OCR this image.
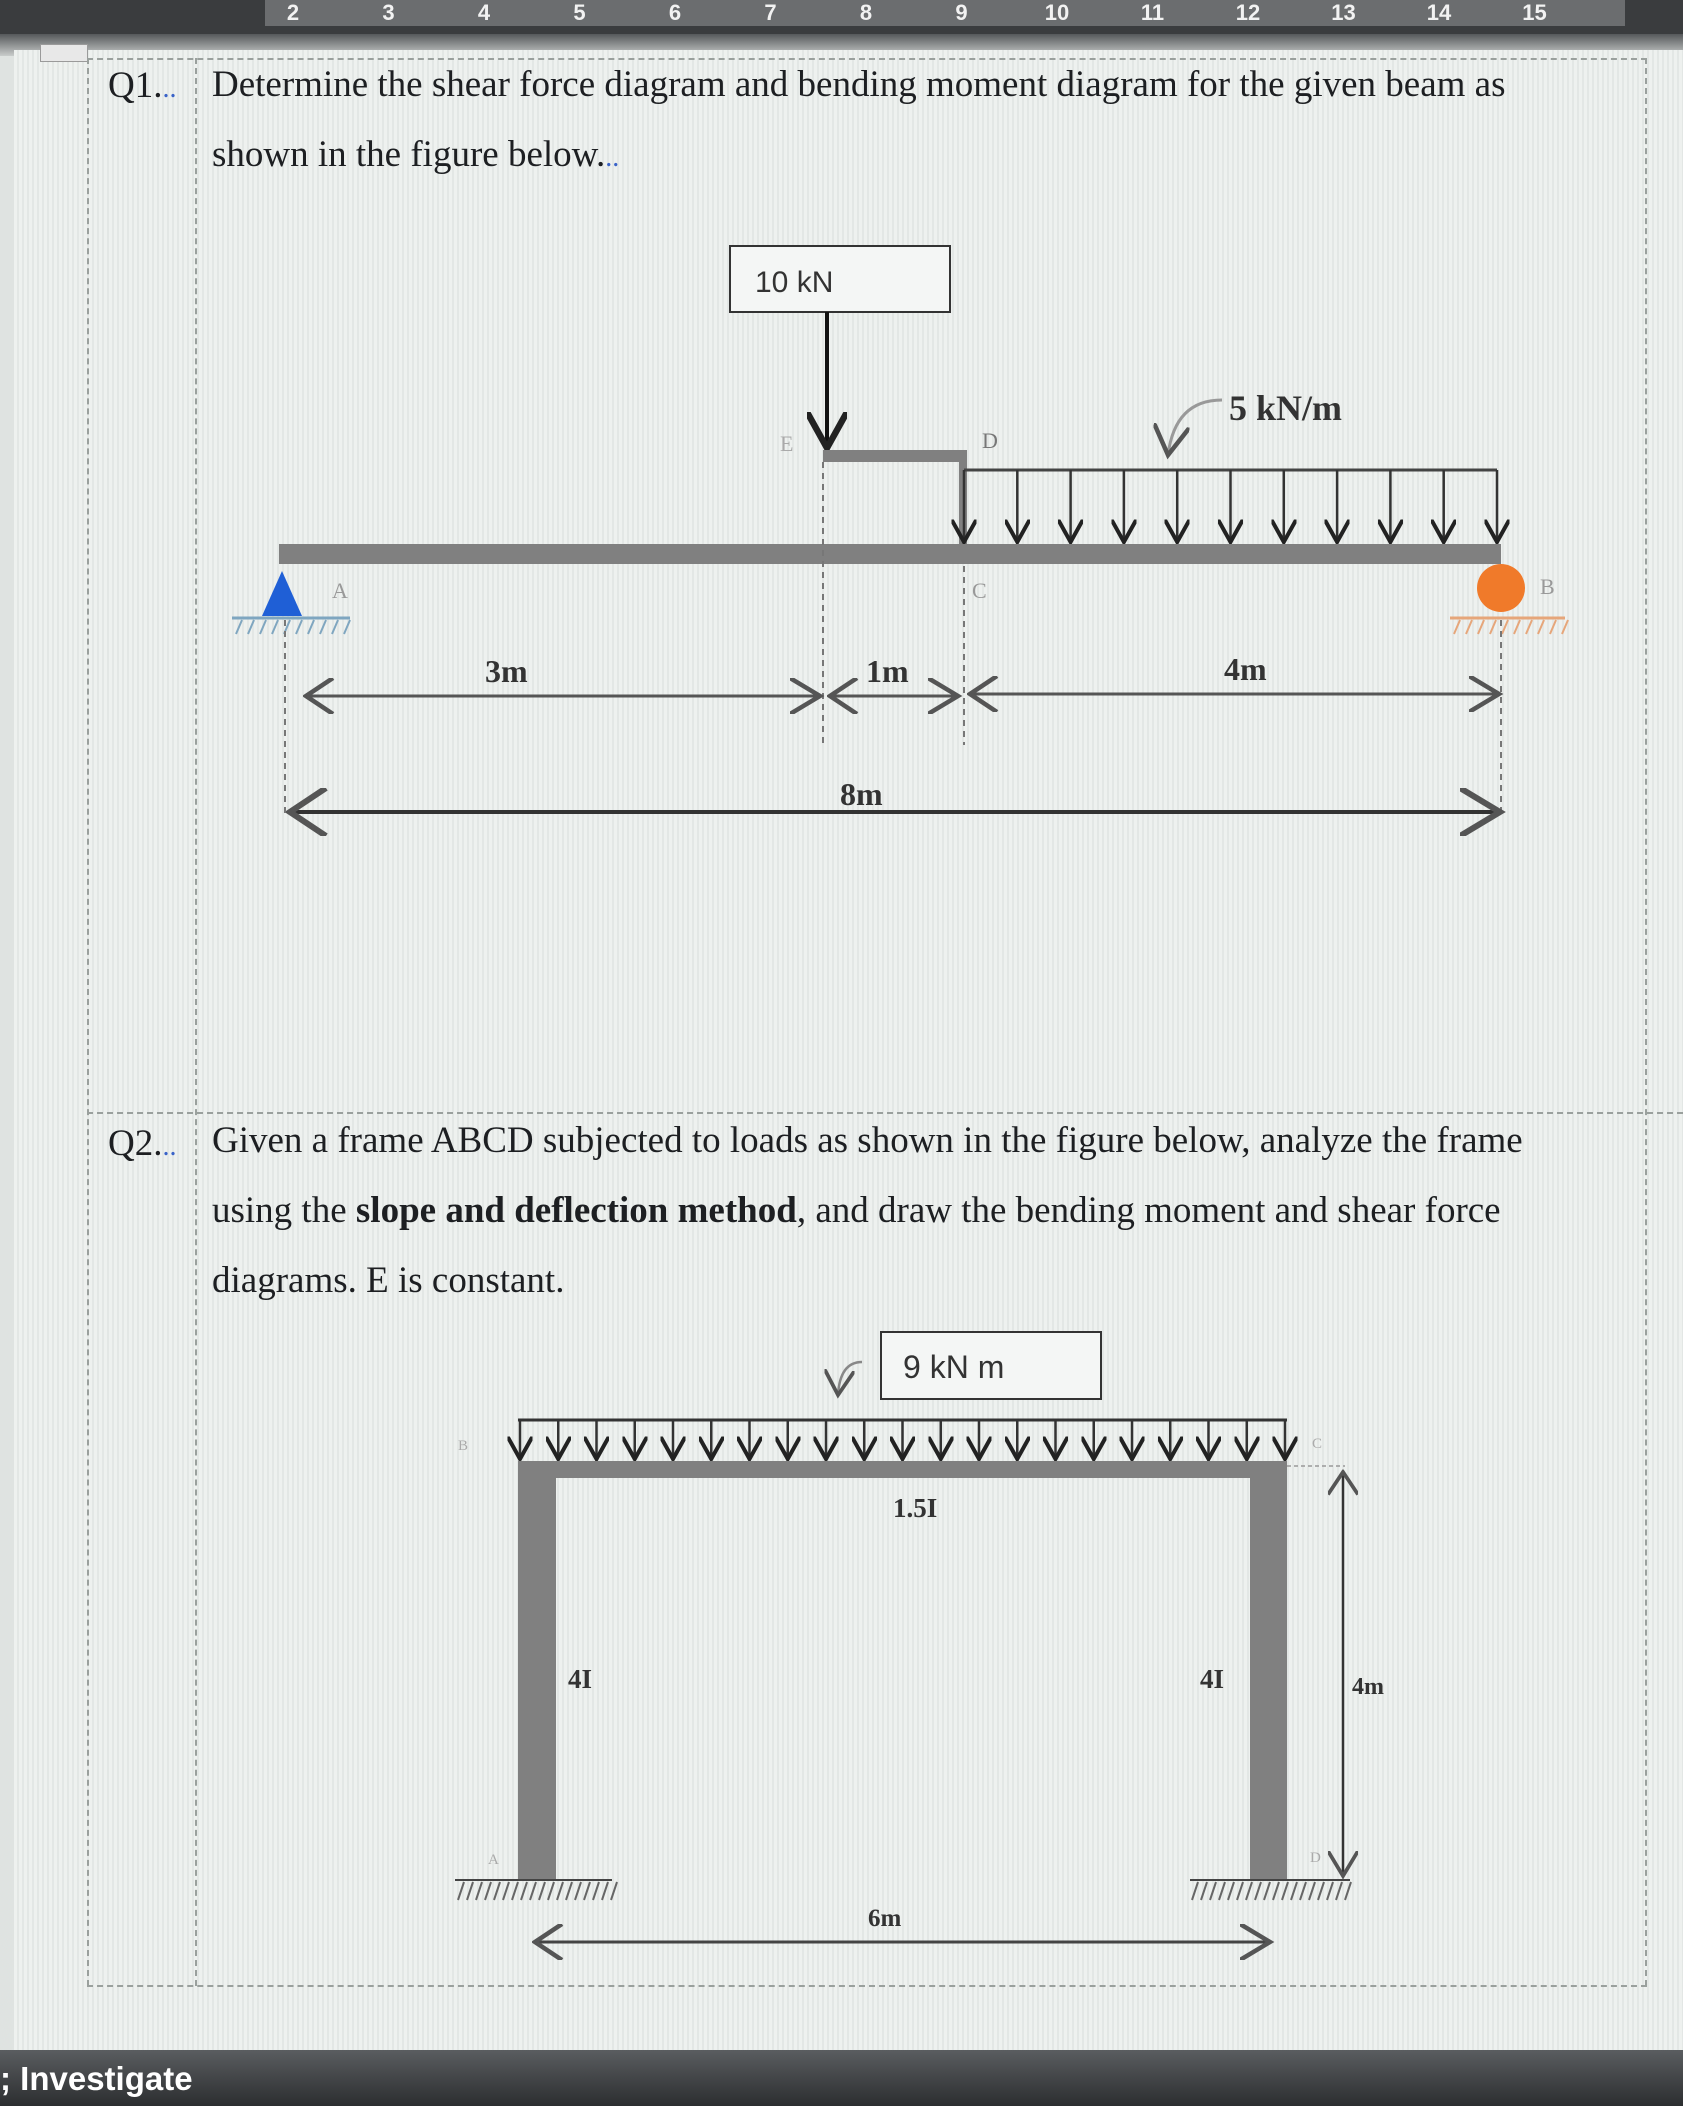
2	3	4	5	6	7	8	9	10	11	12	13	14	15
Q1... Determine the shear force diagram and bending moment diagram for the given beam as
shown in the figure below...
Q2... Given a frame ABCD subjected to loads as shown in the figure below, analyze the frame
using the slope and deflection method, and draw the bending moment and shear force
diagrams. E is constant.
10 kN
5 kN/m
E	D
A	C	B
3m	1m	4m
8m
9 kN m
1.5I
4I	4I
B	C
A	D
4m
6m
; Investigate
